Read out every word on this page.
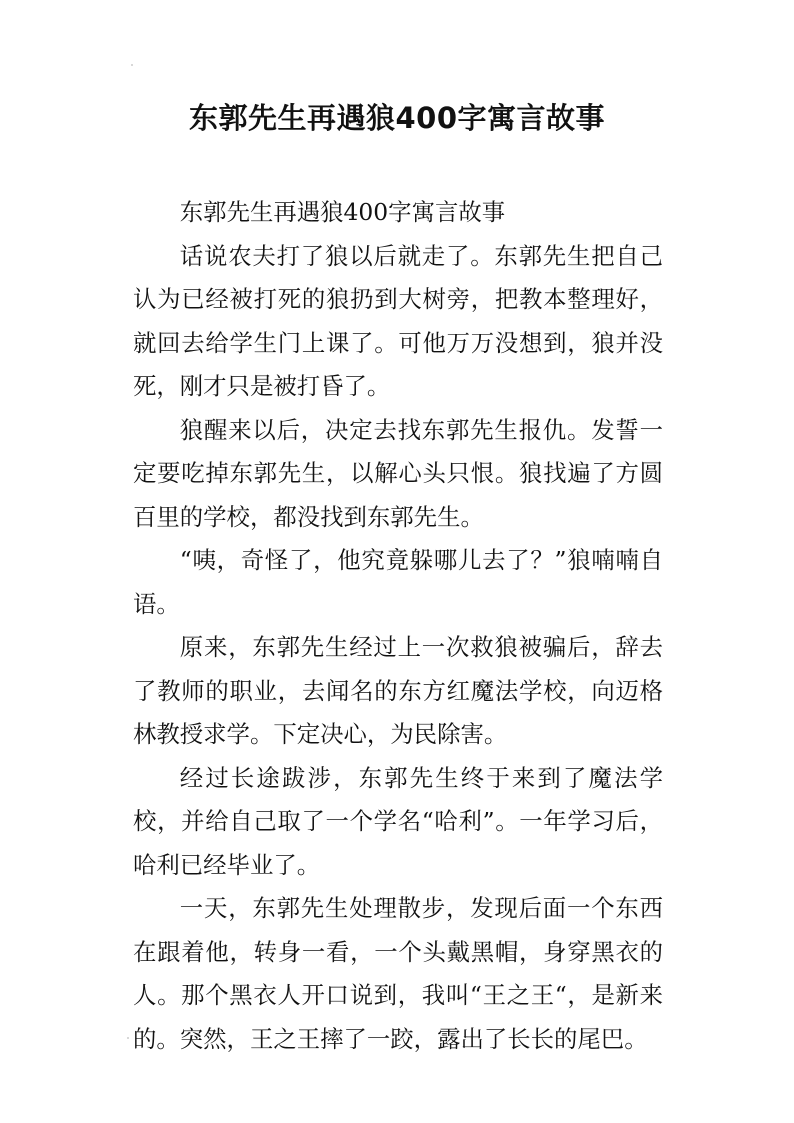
东郭先生再遇狼400字寓言故事

东郭先生再遇狼400字寓言故事

话说农夫打了狼以后就走了。东郭先生把自己认为已经被打死的狼扔到大树旁，把教本整理好，就回去给学生门上课了。可他万万没想到，狼并没死，刚才只是被打昏了。

狼醒来以后，决定去找东郭先生报仇。发誓一定要吃掉东郭先生，以解心头只恨。狼找遍了方圆百里的学校，都没找到东郭先生。

“咦，奇怪了，他究竟躲哪儿去了？”狼喃喃自语。

原来，东郭先生经过上一次救狼被骗后，辞去了教师的职业，去闻名的东方红魔法学校，向迈格林教授求学。下定决心，为民除害。

经过长途跋涉，东郭先生终于来到了魔法学校，并给自己取了一个学名“哈利”。一年学习后，哈利已经毕业了。

一天，东郭先生处理散步，发现后面一个东西在跟着他，转身一看，一个头戴黑帽，身穿黑衣的人。那个黑衣人开口说到，我叫“王之王“，是新来的。突然，王之王摔了一跤，露出了长长的尾巴。
